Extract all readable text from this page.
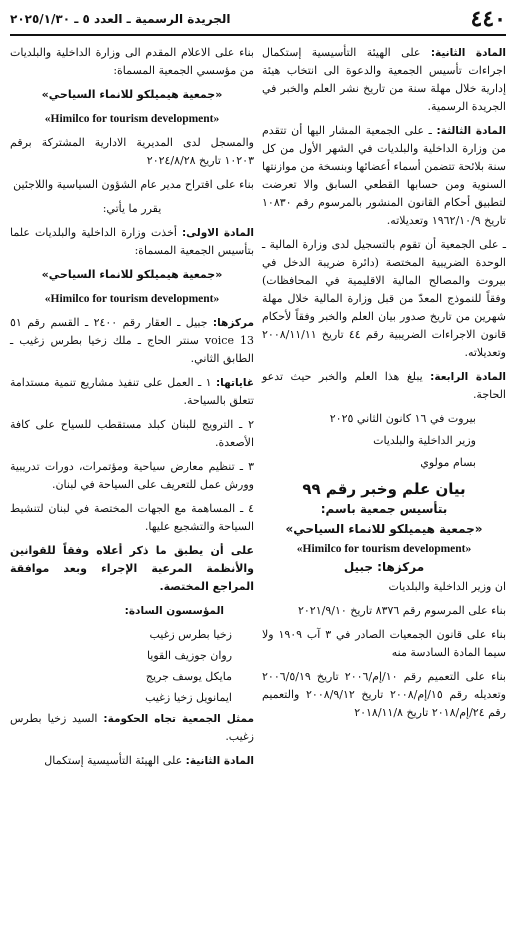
٤٤٠
الجريدة الرسمية ـ العدد ٥ ـ ٢٠٢٥/١/٣٠

المادة الثانية: على الهيئة التأسيسية إستكمال اجراءات تأسيس الجمعية والدعوة الى انتخاب هيئة إدارية خلال مهلة سنة من تاريخ نشر العلم والخبر في الجريدة الرسمية.

المادة الثالثة: ـ على الجمعية المشار اليها أن تتقدم من وزارة الداخلية والبلديات في الشهر الأول من كل سنة بلائحة تتضمن أسماء أعضائها وبنسخة من موازنتها السنوية ومن حسابها القطعي السابق والا تعرضت لتطبيق أحكام القانون المنشور بالمرسوم رقم ١٠٨٣٠ تاريخ ١٩٦٢/١٠/٩ وتعديلاته.

ـ على الجمعية أن تقوم بالتسجيل لدى وزارة المالية ـ الوحدة الضريبية المختصة (دائرة ضريبة الدخل في بيروت والمصالح المالية الاقليمية في المحافظات) وفقاً للنموذج المعدّ من قبل وزارة المالية خلال مهلة شهرين من تاريخ صدور بيان العلم والخبر وفقاً لأحكام قانون الاجراءات الضريبية رقم ٤٤ تاريخ ٢٠٠٨/١١/١١ وتعديلاته.

المادة الرابعة: يبلغ هذا العلم والخبر حيث تدعو الحاجة.

بيروت في ١٦ كانون الثاني ٢٠٢٥

وزير الداخلية والبلديات

بسام مولوي

بيان علم وخبر رقم ٩٩
بتأسيس جمعية باسم:
«جمعية هيميلكو للانماء السياحي»
«Himilco for tourism development»
مركزها: جبيل

ان وزير الداخلية والبلديات

بناء على المرسوم رقم ٨٣٧٦ تاريخ ٢٠٢١/٩/١٠

بناء على قانون الجمعيات الصادر في ٣ آب ١٩٠٩ ولا سيما المادة السادسة منه

بناء على التعميم رقم ١٠/إم/٢٠٠٦ تاريخ ٢٠٠٦/٥/١٩ وتعديله رقم ١٥/إم/٢٠٠٨ تاريخ ٢٠٠٨/٩/١٢ والتعميم رقم ٢٤/إم/٢٠١٨ تاريخ ٢٠١٨/١١/٨

بناء على الاعلام المقدم الى وزارة الداخلية والبلديات من مؤسسي الجمعية المسماة:

«جمعية هيميلكو للانماء السياحي»

«Himilco for tourism development»

والمسجل لدى المديرية الادارية المشتركة برقم ١٠٢٠٣ تاريخ ٢٠٢٤/٨/٢٨

بناء على اقتراح مدير عام الشؤون السياسية واللاجئين

يقرر ما يأتي:

المادة الاولى: أخذت وزارة الداخلية والبلديات علما بتأسيس الجمعية المسماة:

«جمعية هيميلكو للانماء السياحي»

«Himilco for tourism development»

مركزها: جبيل ـ العقار رقم ٢٤٠٠ ـ القسم رقم ٥١ voice 13 سنتر الحاج ـ ملك زخيا بطرس زغيب ـ الطابق الثاني.

غاياتها: ١ ـ العمل على تنفيذ مشاريع تنمية مستدامة تتعلق بالسياحة.

٢ ـ الترويج للبنان كبلد مستقطب للسياح على كافة الأصعدة.

٣ ـ تنظيم معارض سياحية ومؤتمرات، دورات تدريبية وورش عمل للتعريف على السياحة في لبنان.

٤ ـ المساهمة مع الجهات المختصة في لبنان لتنشيط السياحة والتشجيع عليها.

على أن يطبق ما ذكر أعلاه وفقاً للقوانين والأنظمة المرعية الإجراء وبعد موافقة المراجع المختصة.

المؤسسون السادة:

زخيا بطرس زغيب

روان جوزيف القويا

مايكل يوسف جريج

ايمانويل زخيا زغيب

ممثل الجمعية تجاه الحكومة: السيد زخيا بطرس زغيب.

المادة الثانية: على الهيئة التأسيسية إستكمال
